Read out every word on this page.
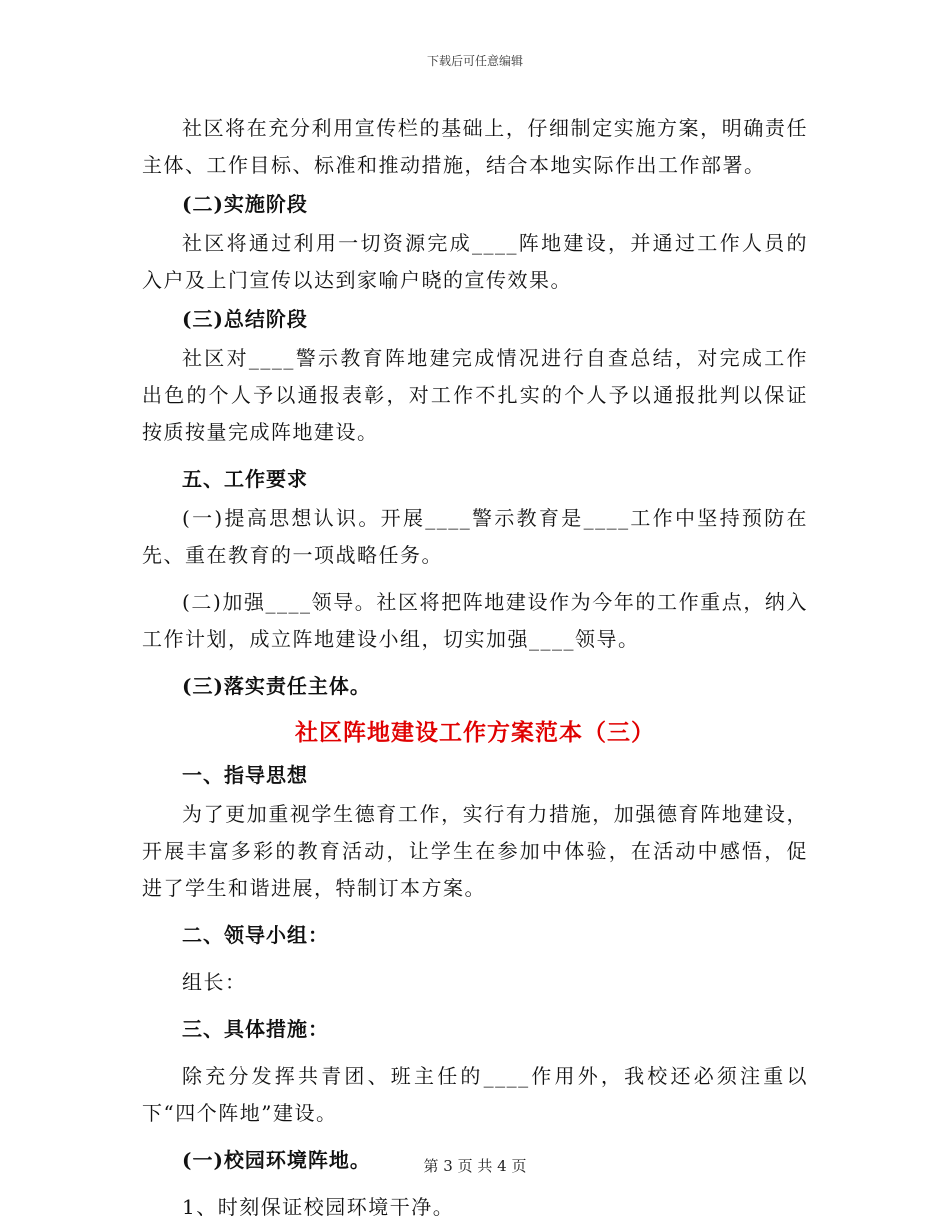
下载后可任意编辑

社区将在充分利用宣传栏的基础上，仔细制定实施方案，明确责任主体、工作目标、标准和推动措施，结合本地实际作出工作部署。

(二)实施阶段

社区将通过利用一切资源完成____阵地建设，并通过工作人员的入户及上门宣传以达到家喻户晓的宣传效果。

(三)总结阶段

社区对____警示教育阵地建完成情况进行自查总结，对完成工作出色的个人予以通报表彰，对工作不扎实的个人予以通报批判以保证按质按量完成阵地建设。

五、工作要求

(一)提高思想认识。开展____警示教育是____工作中坚持预防在先、重在教育的一项战略任务。

(二)加强____领导。社区将把阵地建设作为今年的工作重点，纳入工作计划，成立阵地建设小组，切实加强____领导。

(三)落实责任主体。

社区阵地建设工作方案范本（三）

一、指导思想

为了更加重视学生德育工作，实行有力措施，加强德育阵地建设，开展丰富多彩的教育活动，让学生在参加中体验，在活动中感悟，促进了学生和谐进展，特制订本方案。

二、领导小组：

组长：

三、具体措施：

除充分发挥共青团、班主任的____作用外，我校还必须注重以下“四个阵地”建设。

(一)校园环境阵地。

1、时刻保证校园环境干净。

第 3 页 共 4 页
